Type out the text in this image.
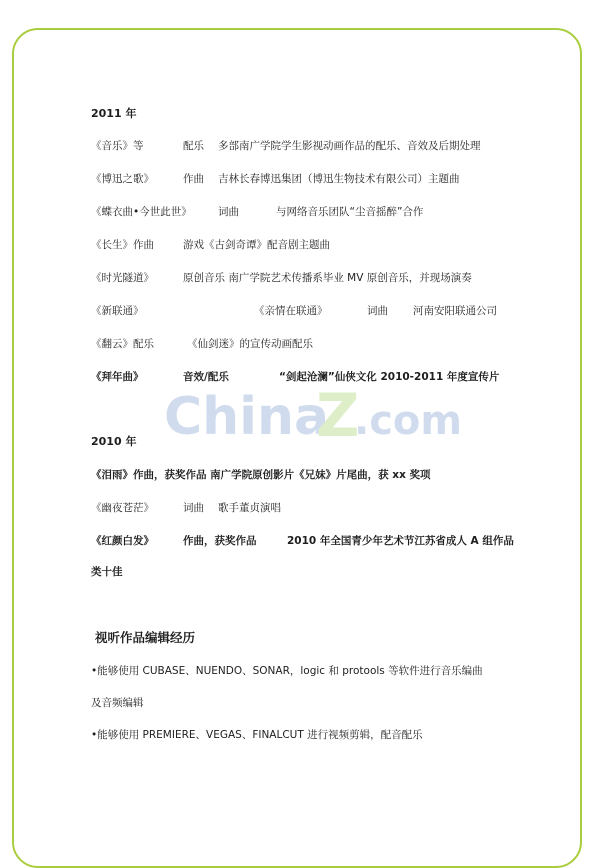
China
Z
.com
2011 年
《音乐》等	配乐 多部南广学院学生影视动画作品的配乐、音效及后期处理
《博迅之歌》	作曲 吉林长春博迅集团（博迅生物技术有限公司）主题曲
《蝶衣曲•今世此世》	词曲	与网络音乐团队“尘音摇醉”合作
《长生》作曲	游戏《古剑奇谭》配音剧主题曲
《时光隧道》	原创音乐 南广学院艺术传播系毕业 MV 原创音乐，并现场演奏
《新联通》	《亲情在联通》	词曲 河南安阳联通公司
《翻云》配乐	《仙剑迷》的宣传动画配乐
《拜年曲》	音效/配乐	“剑起沧澜”仙侠文化 2010-2011 年度宣传片
2010 年
《泪雨》作曲，获奖作品 南广学院原创影片《兄妹》片尾曲，获 xx 奖项
《幽夜苍茫》	词曲 歌手董贞演唱
《红颜白发》	作曲，获奖作品	2010 年全国青少年艺术节江苏省成人 A 组作品
类十佳
视听作品编辑经历
•能够使用 CUBASE、NUENDO、SONAR，logic 和 protools 等软件进行音乐编曲
及音频编辑
•能够使用 PREMIERE、VEGAS、FINALCUT 进行视频剪辑，配音配乐
